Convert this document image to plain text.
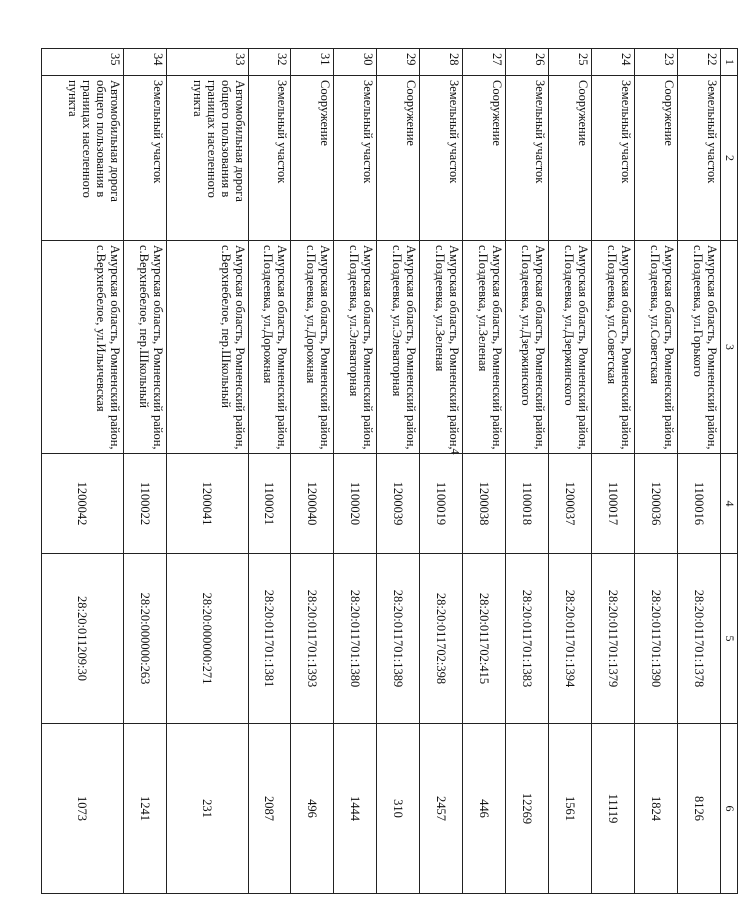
4
1	2	3	4	5	6
22	Земельный участок	Амурская область, Ромненский район,
с.Поздеевка, ул.Горького	1100016	28:20:011701:1378	8126
23	Сооружение	Амурская область, Ромненский район,
с.Поздеевка, ул.Советская	1200036	28:20:011701:1390	1824
24	Земельный участок	Амурская область, Ромненский район,
с.Поздеевка, ул.Советская	1100017	28:20:011701:1379	11119
25	Сооружение	Амурская область, Ромненский район,
с.Поздеевка, ул.Дзержинского	1200037	28:20:011701:1394	1561
26	Земельный участок	Амурская область, Ромненский район,
с.Поздеевка, ул.Дзержинского	1100018	28:20:011701:1383	12269
27	Сооружение	Амурская область, Ромненский район,
с.Поздеевка, ул.Зеленая	1200038	28:20:011702:415	446
28	Земельный участок	Амурская область, Ромненский район,
с.Поздеевка, ул.Зеленая	1100019	28:20:011702:398	2457
29	Сооружение	Амурская область, Ромненский район,
с.Поздеевка, ул.Элеваторная	1200039	28:20:011701:1389	310
30	Земельный участок	Амурская область, Ромненский район,
с.Поздеевка, ул.Элеваторная	1100020	28:20:011701:1380	1444
31	Сооружение	Амурская область, Ромненский район,
с.Поздеевка, ул.Дорожная	1200040	28:20:011701:1393	496
32	Земельный участок	Амурская область, Ромненский район,
с.Поздеевка, ул.Дорожная	1100021	28:20:011701:1381	2087
33	Автомобильная дорога общего пользования в границах населенного пункта	Амурская область, Ромненский район,
с.Верхнебелое, пер.Школьный	1200041	28:20:000000:271	231
34	Земельный участок	Амурская область, Ромненский район,
с.Верхнебелое, пер.Школьный	1100022	28:20:000000:263	1241
35	Автомобильная дорога общего пользования в границах населенного пункта	Амурская область, Ромненский район,
с.Верхнебелое, ул.Ильичевская	1200042	28:20:011209:30	1073
